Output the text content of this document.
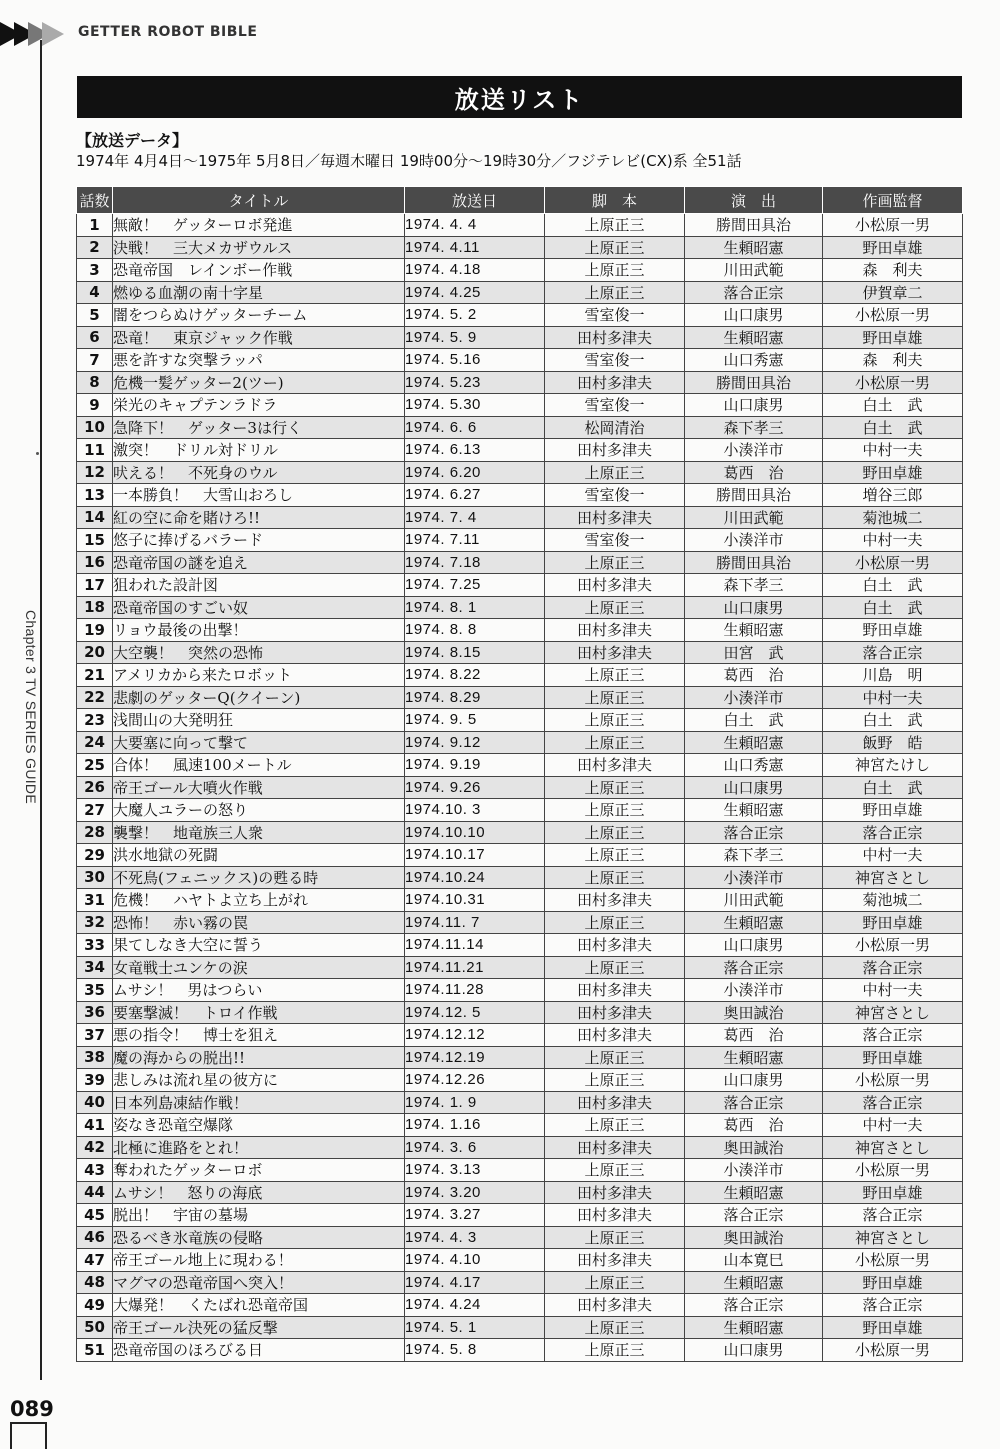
GETTER ROBOT BIBLE
Chapter 3 TV SERIES GUIDE
089
放送リスト
【放送データ】
1974年 4月4日～1975年 5月8日／毎週木曜日 19時00分～19時30分／フジテレビ(CX)系 全51話
話数	タイトル	放送日	脚　本	演　出	作画監督
1	無敵！　ゲッターロボ発進	1974. 4. 4	上原正三	勝間田具治	小松原一男
2	決戦！　三大メカザウルス	1974. 4.11	上原正三	生頼昭憲	野田卓雄
3	恐竜帝国　レインボー作戦	1974. 4.18	上原正三	川田武範	森　利夫
4	燃ゆる血潮の南十字星	1974. 4.25	上原正三	落合正宗	伊賀章二
5	闇をつらぬけゲッターチーム	1974. 5. 2	雪室俊一	山口康男	小松原一男
6	恐竜！　東京ジャック作戦	1974. 5. 9	田村多津夫	生頼昭憲	野田卓雄
7	悪を許すな突撃ラッパ	1974. 5.16	雪室俊一	山口秀憲	森　利夫
8	危機一髪ゲッター2(ツー)	1974. 5.23	田村多津夫	勝間田具治	小松原一男
9	栄光のキャプテンラドラ	1974. 5.30	雪室俊一	山口康男	白土　武
10	急降下！　ゲッター3は行く	1974. 6. 6	松岡清治	森下孝三	白土　武
11	激突！　ドリル対ドリル	1974. 6.13	田村多津夫	小湊洋市	中村一夫
12	吠える！　不死身のウル	1974. 6.20	上原正三	葛西　治	野田卓雄
13	一本勝負！　大雪山おろし	1974. 6.27	雪室俊一	勝間田具治	増谷三郎
14	紅の空に命を賭けろ!!	1974. 7. 4	田村多津夫	川田武範	菊池城二
15	悠子に捧げるバラード	1974. 7.11	雪室俊一	小湊洋市	中村一夫
16	恐竜帝国の謎を追え	1974. 7.18	上原正三	勝間田具治	小松原一男
17	狙われた設計図	1974. 7.25	田村多津夫	森下孝三	白土　武
18	恐竜帝国のすごい奴	1974. 8. 1	上原正三	山口康男	白土　武
19	リョウ最後の出撃！	1974. 8. 8	田村多津夫	生頼昭憲	野田卓雄
20	大空襲！　突然の恐怖	1974. 8.15	田村多津夫	田宮　武	落合正宗
21	アメリカから来たロボット	1974. 8.22	上原正三	葛西　治	川島　明
22	悲劇のゲッターQ(クイーン)	1974. 8.29	上原正三	小湊洋市	中村一夫
23	浅間山の大発明狂	1974. 9. 5	上原正三	白土　武	白土　武
24	大要塞に向って撃て	1974. 9.12	上原正三	生頼昭憲	飯野　皓
25	合体！　風速100メートル	1974. 9.19	田村多津夫	山口秀憲	神宮たけし
26	帝王ゴール大噴火作戦	1974. 9.26	上原正三	山口康男	白土　武
27	大魔人ユラーの怒り	1974.10. 3	上原正三	生頼昭憲	野田卓雄
28	襲撃！　地竜族三人衆	1974.10.10	上原正三	落合正宗	落合正宗
29	洪水地獄の死闘	1974.10.17	上原正三	森下孝三	中村一夫
30	不死鳥(フェニックス)の甦る時	1974.10.24	上原正三	小湊洋市	神宮さとし
31	危機！　ハヤトよ立ち上がれ	1974.10.31	田村多津夫	川田武範	菊池城二
32	恐怖！　赤い霧の罠	1974.11. 7	上原正三	生頼昭憲	野田卓雄
33	果てしなき大空に誓う	1974.11.14	田村多津夫	山口康男	小松原一男
34	女竜戦士ユンケの涙	1974.11.21	上原正三	落合正宗	落合正宗
35	ムサシ！　男はつらい	1974.11.28	田村多津夫	小湊洋市	中村一夫
36	要塞撃滅！　トロイ作戦	1974.12. 5	田村多津夫	奥田誠治	神宮さとし
37	悪の指令！　博士を狙え	1974.12.12	田村多津夫	葛西　治	落合正宗
38	魔の海からの脱出!!	1974.12.19	上原正三	生頼昭憲	野田卓雄
39	悲しみは流れ星の彼方に	1974.12.26	上原正三	山口康男	小松原一男
40	日本列島凍結作戦！	1974. 1. 9	田村多津夫	落合正宗	落合正宗
41	姿なき恐竜空爆隊	1974. 1.16	上原正三	葛西　治	中村一夫
42	北極に進路をとれ！	1974. 3. 6	田村多津夫	奥田誠治	神宮さとし
43	奪われたゲッターロボ	1974. 3.13	上原正三	小湊洋市	小松原一男
44	ムサシ！　怒りの海底	1974. 3.20	田村多津夫	生頼昭憲	野田卓雄
45	脱出！　宇宙の墓場	1974. 3.27	田村多津夫	落合正宗	落合正宗
46	恐るべき氷竜族の侵略	1974. 4. 3	上原正三	奥田誠治	神宮さとし
47	帝王ゴール地上に現わる！	1974. 4.10	田村多津夫	山本寛巳	小松原一男
48	マグマの恐竜帝国へ突入！	1974. 4.17	上原正三	生頼昭憲	野田卓雄
49	大爆発！　くたばれ恐竜帝国	1974. 4.24	田村多津夫	落合正宗	落合正宗
50	帝王ゴール決死の猛反撃	1974. 5. 1	上原正三	生頼昭憲	野田卓雄
51	恐竜帝国のほろびる日	1974. 5. 8	上原正三	山口康男	小松原一男
